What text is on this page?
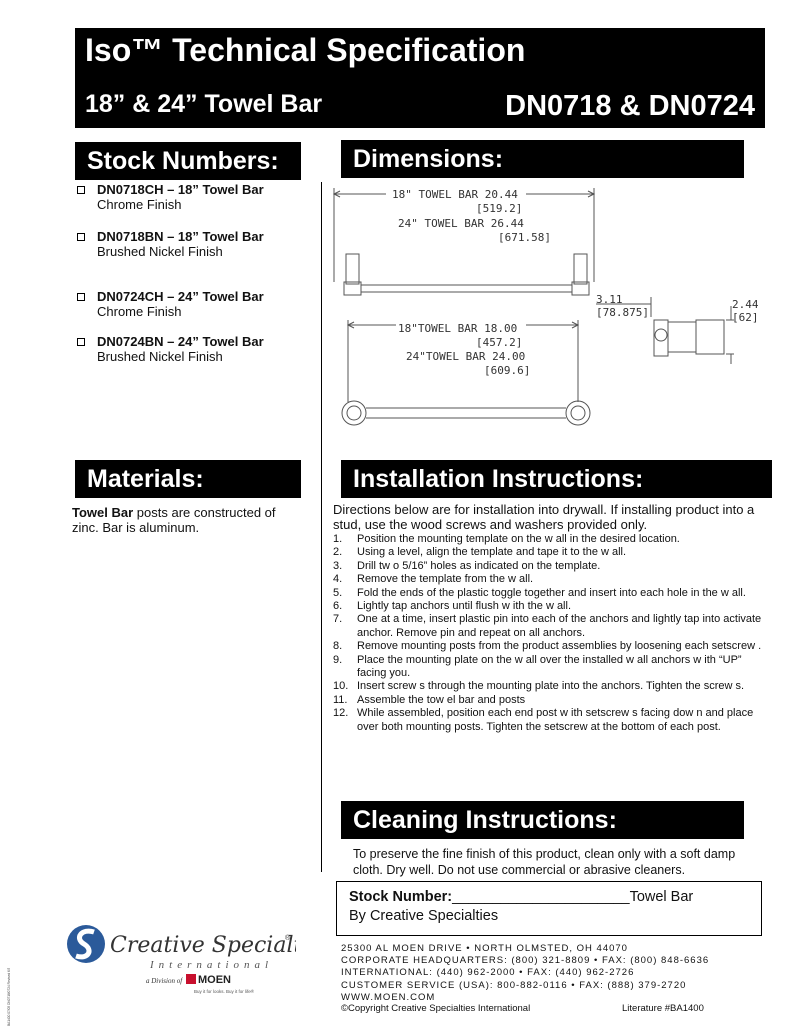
Iso™ Technical Specification
18” & 24” Towel Bar	DN0718 & DN0724
Stock Numbers:	Dimensions:
Materials:	Installation Instructions:
Cleaning Instructions:
DN0718CH – 18” Towel Bar
Chrome Finish
DN0718BN – 18” Towel Bar
Brushed Nickel Finish
DN0724CH – 24” Towel Bar
Chrome Finish
DN0724BN – 24” Towel Bar
Brushed Nickel Finish
18" TOWEL BAR 20.44
[519.2]
24" TOWEL BAR 26.44
[671.58]
3.11
[78.875]
2.44
[62]
18"TOWEL BAR 18.00
[457.2]
24"TOWEL BAR 24.00
[609.6]
Towel Bar posts are constructed of zinc. Bar is aluminum.
Directions below are for installation into drywall. If installing product into a stud, use the wood screws and washers provided only.
1. Position the mounting template on the w all in the desired location.
2. Using a level, align the template and tape it to the w all.
3. Drill tw o 5/16” holes as indicated on the template.
4. Remove the template from the w all.
5. Fold the ends of the plastic toggle together and insert into each hole in the w all.
6. Lightly tap anchors until flush w ith the w all.
7. One at a time, insert plastic pin into each of the anchors and lightly tap into activate anchor. Remove pin and repeat on all anchors.
8. Remove mounting posts from the product assemblies by loosening each setscrew .
9. Place the mounting plate on the w all over the installed w all anchors w ith “UP” facing you.
10. Insert screw s through the mounting plate into the anchors. Tighten the screw s.
11. Assemble the tow el bar and posts
12. While assembled, position each end post w ith setscrew s facing dow n and place over both mounting posts. Tighten the setscrew at the bottom of each post.
To preserve the fine finish of this product, clean only with a soft damp cloth. Dry well. Do not use commercial or abrasive cleaners.
Stock Number:______________________Towel Bar
By Creative Specialties
25300 AL MOEN DRIVE • NORTH OLMSTED, OH 44070
CORPORATE HEADQUARTERS: (800) 321-8809 • FAX: (800) 848-6636
INTERNATIONAL: (440) 962-2000 • FAX: (440) 962-2726
CUSTOMER SERVICE (USA): 800-882-0116 • FAX: (888) 379-2720
WWW.MOEN.COM
©Copyright Creative Specialties International	Literature #BA1400
Creative Special
®
International
a Division of MOEN
Buy it for looks. Buy it for life®
BA1400 07/05 DN0718/0724 Revised 6/5
